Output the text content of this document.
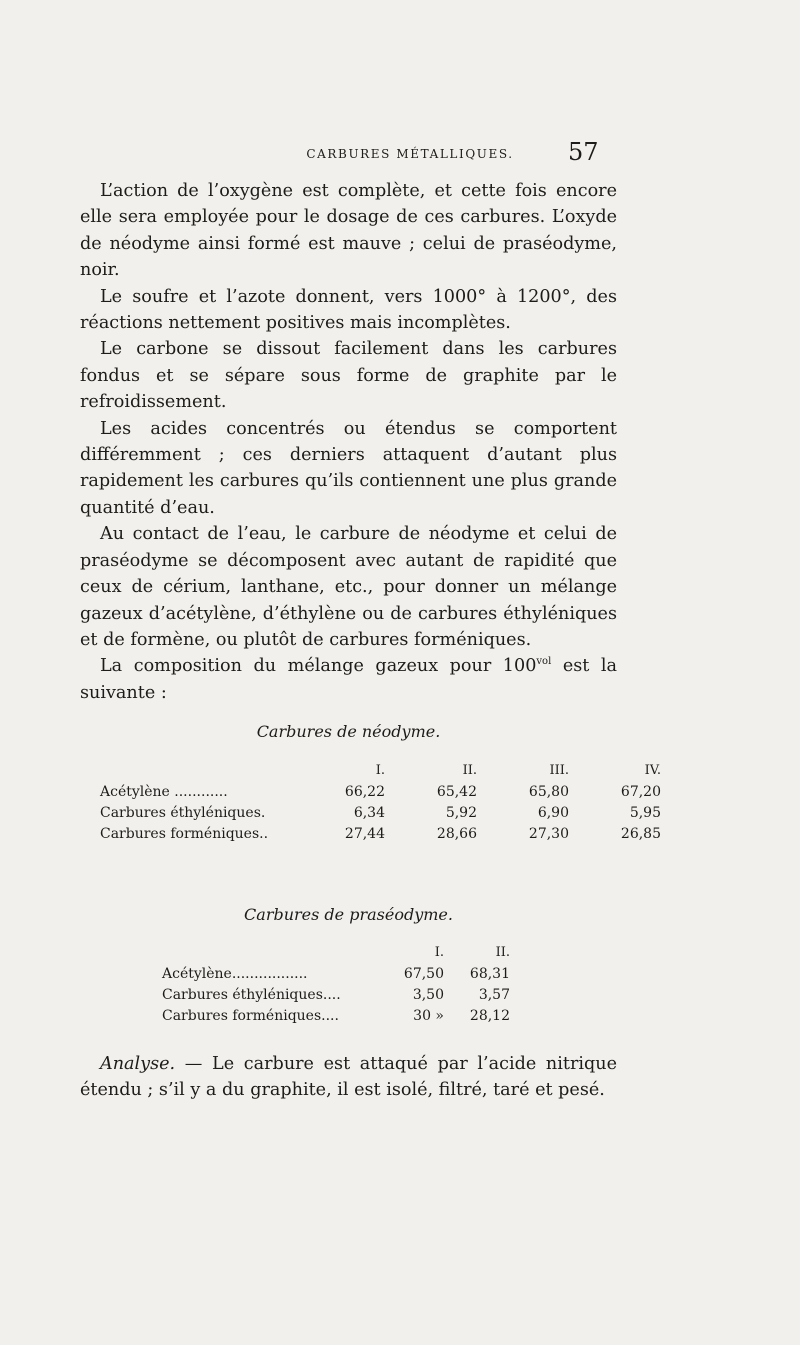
CARBURES MÉTALLIQUES.	57

L’action de l’oxygène est complète, et cette fois encore elle sera employée pour le dosage de ces carbures. L’oxyde de néodyme ainsi formé est mauve ; celui de praséodyme, noir.

Le soufre et l’azote donnent, vers 1000° à 1200°, des réactions nettement positives mais incomplètes.

Le carbone se dissout facilement dans les carbures fondus et se sépare sous forme de graphite par le refroidissement.

Les acides concentrés ou étendus se comportent différemment ; ces derniers attaquent d’autant plus rapidement les carbures qu’ils contiennent une plus grande quantité d’eau.

Au contact de l’eau, le carbure de néodyme et celui de praséodyme se décomposent avec autant de rapidité que ceux de cérium, lanthane, etc., pour donner un mélange gazeux d’acétylène, d’éthylène ou de carbures éthyléniques et de formène, ou plutôt de carbures forméniques.

La composition du mélange gazeux pour $100^{vol}$ est la suivante :

Carbures de néodyme.
	I.	II.	III.	IV.
Acétylène ............	66,22	65,42	65,80	67,20
Carbures éthyléniques.	6,34	5,92	6,90	5,95
Carbures forméniques..	27,44	28,66	27,30	26,85
Carbures de praséodyme.
	I.	II.
Acétylène.................	67,50	68,31
Carbures éthyléniques....	3,50	3,57
Carbures forméniques....	30 »	28,12

Analyse. — Le carbure est attaqué par l’acide nitrique étendu ; s’il y a du graphite, il est isolé, filtré, taré et pesé.
